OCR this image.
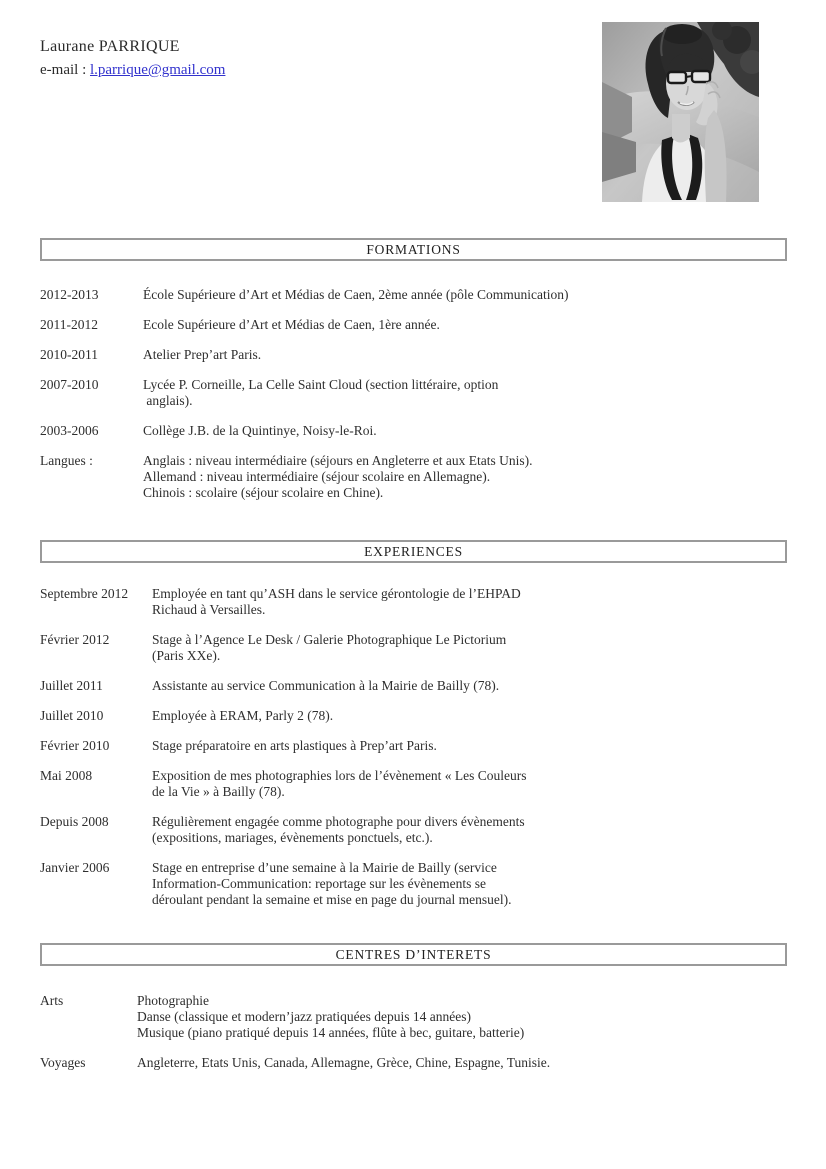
Laurane PARRIQUE
e-mail : l.parrique@gmail.com
FORMATIONS
EXPERIENCES
CENTRES D’INTERETS
2012-2013	École Supérieure d’Art et Médias de Caen, 2ème année (pôle Communication)
2011-2012	Ecole Supérieure d’Art et Médias de Caen, 1ère année.
2010-2011	Atelier Prep’art Paris.
2007-2010	Lycée P. Corneille, La Celle Saint Cloud (section littéraire, option
anglais).
2003-2006	Collège J.B. de la Quintinye, Noisy-le-Roi.
Langues :	Anglais : niveau intermédiaire (séjours en Angleterre et aux Etats Unis).
Allemand : niveau intermédiaire (séjour scolaire en Allemagne).
Chinois : scolaire (séjour scolaire en Chine).
Septembre 2012	Employée en tant qu’ASH dans le service gérontologie de l’EHPAD
Richaud à Versailles.
Février 2012	Stage à l’Agence Le Desk / Galerie Photographique Le Pictorium
(Paris XXe).
Juillet 2011	Assistante au service Communication à la Mairie de Bailly (78).
Juillet 2010	Employée à ERAM, Parly 2 (78).
Février 2010	Stage préparatoire en arts plastiques à Prep’art Paris.
Mai 2008	Exposition de mes photographies lors de l’évènement « Les Couleurs
de la Vie » à Bailly (78).
Depuis 2008	Régulièrement engagée comme photographe pour divers évènements
(expositions, mariages, évènements ponctuels, etc.).
Janvier 2006	Stage en entreprise d’une semaine à la Mairie de Bailly (service
Information-Communication: reportage sur les évènements se
déroulant pendant la semaine et mise en page du journal mensuel).
Arts	Photographie
Danse (classique et modern’jazz pratiquées depuis 14 années)
Musique (piano pratiqué depuis 14 années, flûte à bec, guitare, batterie)
Voyages	Angleterre, Etats Unis, Canada, Allemagne, Grèce, Chine, Espagne, Tunisie.
